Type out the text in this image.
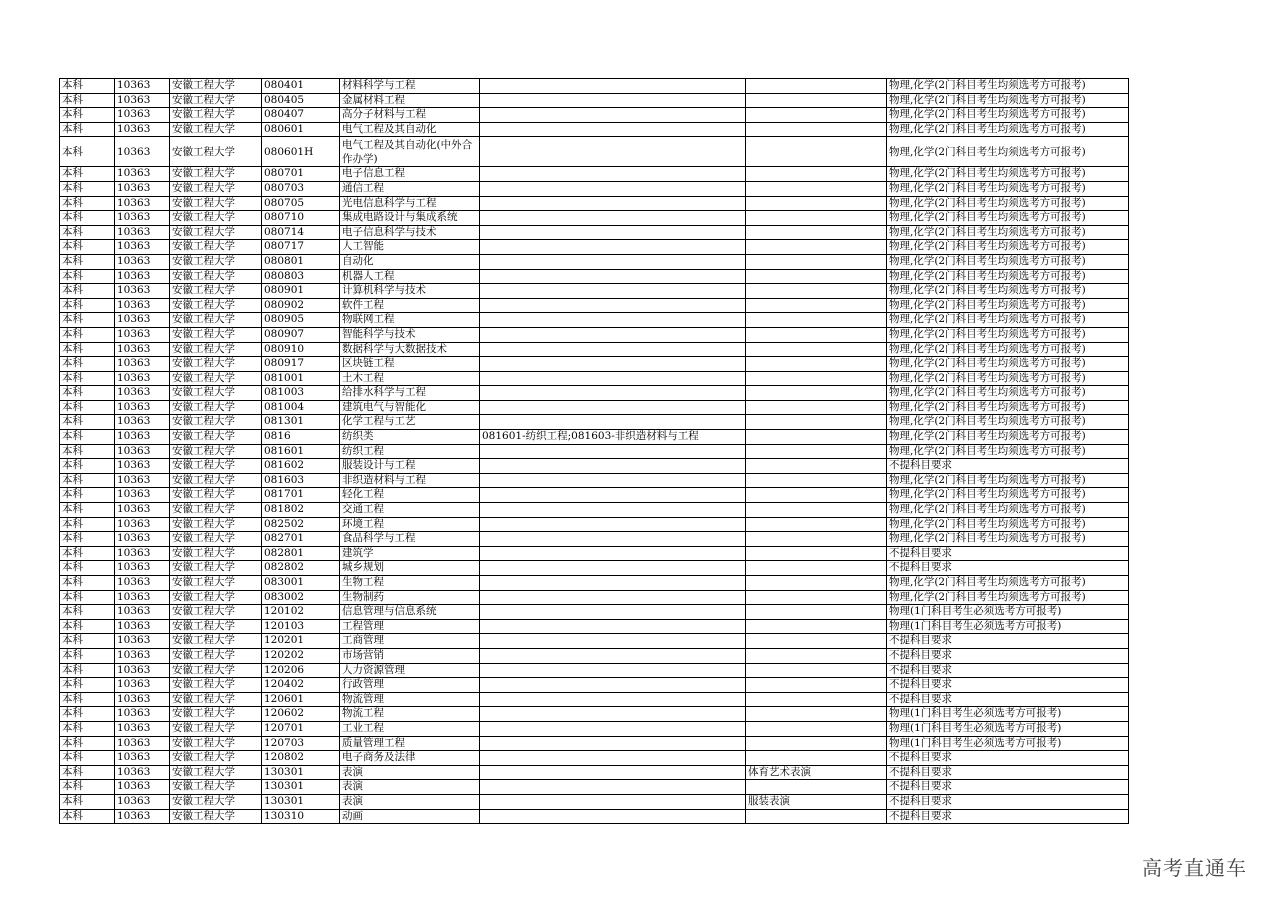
本科	10363	安徽工程大学	080401	材料科学与工程			物理,化学(2门科目考生均须选考方可报考)
本科	10363	安徽工程大学	080405	金属材料工程			物理,化学(2门科目考生均须选考方可报考)
本科	10363	安徽工程大学	080407	高分子材料与工程			物理,化学(2门科目考生均须选考方可报考)
本科	10363	安徽工程大学	080601	电气工程及其自动化			物理,化学(2门科目考生均须选考方可报考)
本科	10363	安徽工程大学	080601H	电气工程及其自动化(中外合作办学)			物理,化学(2门科目考生均须选考方可报考)
本科	10363	安徽工程大学	080701	电子信息工程			物理,化学(2门科目考生均须选考方可报考)
本科	10363	安徽工程大学	080703	通信工程			物理,化学(2门科目考生均须选考方可报考)
本科	10363	安徽工程大学	080705	光电信息科学与工程			物理,化学(2门科目考生均须选考方可报考)
本科	10363	安徽工程大学	080710	集成电路设计与集成系统			物理,化学(2门科目考生均须选考方可报考)
本科	10363	安徽工程大学	080714	电子信息科学与技术			物理,化学(2门科目考生均须选考方可报考)
本科	10363	安徽工程大学	080717	人工智能			物理,化学(2门科目考生均须选考方可报考)
本科	10363	安徽工程大学	080801	自动化			物理,化学(2门科目考生均须选考方可报考)
本科	10363	安徽工程大学	080803	机器人工程			物理,化学(2门科目考生均须选考方可报考)
本科	10363	安徽工程大学	080901	计算机科学与技术			物理,化学(2门科目考生均须选考方可报考)
本科	10363	安徽工程大学	080902	软件工程			物理,化学(2门科目考生均须选考方可报考)
本科	10363	安徽工程大学	080905	物联网工程			物理,化学(2门科目考生均须选考方可报考)
本科	10363	安徽工程大学	080907	智能科学与技术			物理,化学(2门科目考生均须选考方可报考)
本科	10363	安徽工程大学	080910	数据科学与大数据技术			物理,化学(2门科目考生均须选考方可报考)
本科	10363	安徽工程大学	080917	区块链工程			物理,化学(2门科目考生均须选考方可报考)
本科	10363	安徽工程大学	081001	土木工程			物理,化学(2门科目考生均须选考方可报考)
本科	10363	安徽工程大学	081003	给排水科学与工程			物理,化学(2门科目考生均须选考方可报考)
本科	10363	安徽工程大学	081004	建筑电气与智能化			物理,化学(2门科目考生均须选考方可报考)
本科	10363	安徽工程大学	081301	化学工程与工艺			物理,化学(2门科目考生均须选考方可报考)
本科	10363	安徽工程大学	0816	纺织类	081601-纺织工程;081603-非织造材料与工程		物理,化学(2门科目考生均须选考方可报考)
本科	10363	安徽工程大学	081601	纺织工程			物理,化学(2门科目考生均须选考方可报考)
本科	10363	安徽工程大学	081602	服装设计与工程			不提科目要求
本科	10363	安徽工程大学	081603	非织造材料与工程			物理,化学(2门科目考生均须选考方可报考)
本科	10363	安徽工程大学	081701	轻化工程			物理,化学(2门科目考生均须选考方可报考)
本科	10363	安徽工程大学	081802	交通工程			物理,化学(2门科目考生均须选考方可报考)
本科	10363	安徽工程大学	082502	环境工程			物理,化学(2门科目考生均须选考方可报考)
本科	10363	安徽工程大学	082701	食品科学与工程			物理,化学(2门科目考生均须选考方可报考)
本科	10363	安徽工程大学	082801	建筑学			不提科目要求
本科	10363	安徽工程大学	082802	城乡规划			不提科目要求
本科	10363	安徽工程大学	083001	生物工程			物理,化学(2门科目考生均须选考方可报考)
本科	10363	安徽工程大学	083002	生物制药			物理,化学(2门科目考生均须选考方可报考)
本科	10363	安徽工程大学	120102	信息管理与信息系统			物理(1门科目考生必须选考方可报考)
本科	10363	安徽工程大学	120103	工程管理			物理(1门科目考生必须选考方可报考)
本科	10363	安徽工程大学	120201	工商管理			不提科目要求
本科	10363	安徽工程大学	120202	市场营销			不提科目要求
本科	10363	安徽工程大学	120206	人力资源管理			不提科目要求
本科	10363	安徽工程大学	120402	行政管理			不提科目要求
本科	10363	安徽工程大学	120601	物流管理			不提科目要求
本科	10363	安徽工程大学	120602	物流工程			物理(1门科目考生必须选考方可报考)
本科	10363	安徽工程大学	120701	工业工程			物理(1门科目考生必须选考方可报考)
本科	10363	安徽工程大学	120703	质量管理工程			物理(1门科目考生必须选考方可报考)
本科	10363	安徽工程大学	120802	电子商务及法律			不提科目要求
本科	10363	安徽工程大学	130301	表演		体育艺术表演	不提科目要求
本科	10363	安徽工程大学	130301	表演			不提科目要求
本科	10363	安徽工程大学	130301	表演		服装表演	不提科目要求
本科	10363	安徽工程大学	130310	动画			不提科目要求
高考直通车
